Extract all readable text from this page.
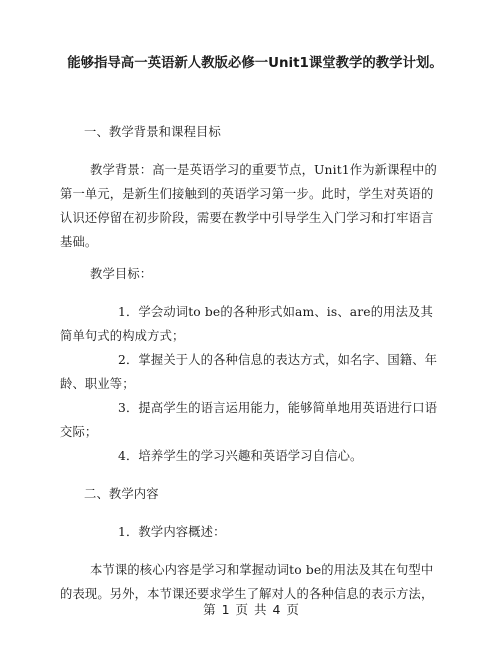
能够指导高一英语新人教版必修一Unit1课堂教学的教学计划。

一、教学背景和课程目标

教学背景：高一是英语学习的重要节点，Unit1作为新课程中的第一单元，是新生们接触到的英语学习第一步。此时，学生对英语的认识还停留在初步阶段，需要在教学中引导学生入门学习和打牢语言基础。

教学目标：

1．学会动词to be的各种形式如am、is、are的用法及其简单句式的构成方式；

2．掌握关于人的各种信息的表达方式，如名字、国籍、年龄、职业等；

3．提高学生的语言运用能力，能够简单地用英语进行口语交际；

4．培养学生的学习兴趣和英语学习自信心。

二、教学内容

1．教学内容概述：

本节课的核心内容是学习和掌握动词to be的用法及其在句型中的表现。另外，本节课还要求学生了解对人的各种信息的表示方法，

第 1 页 共 4 页
